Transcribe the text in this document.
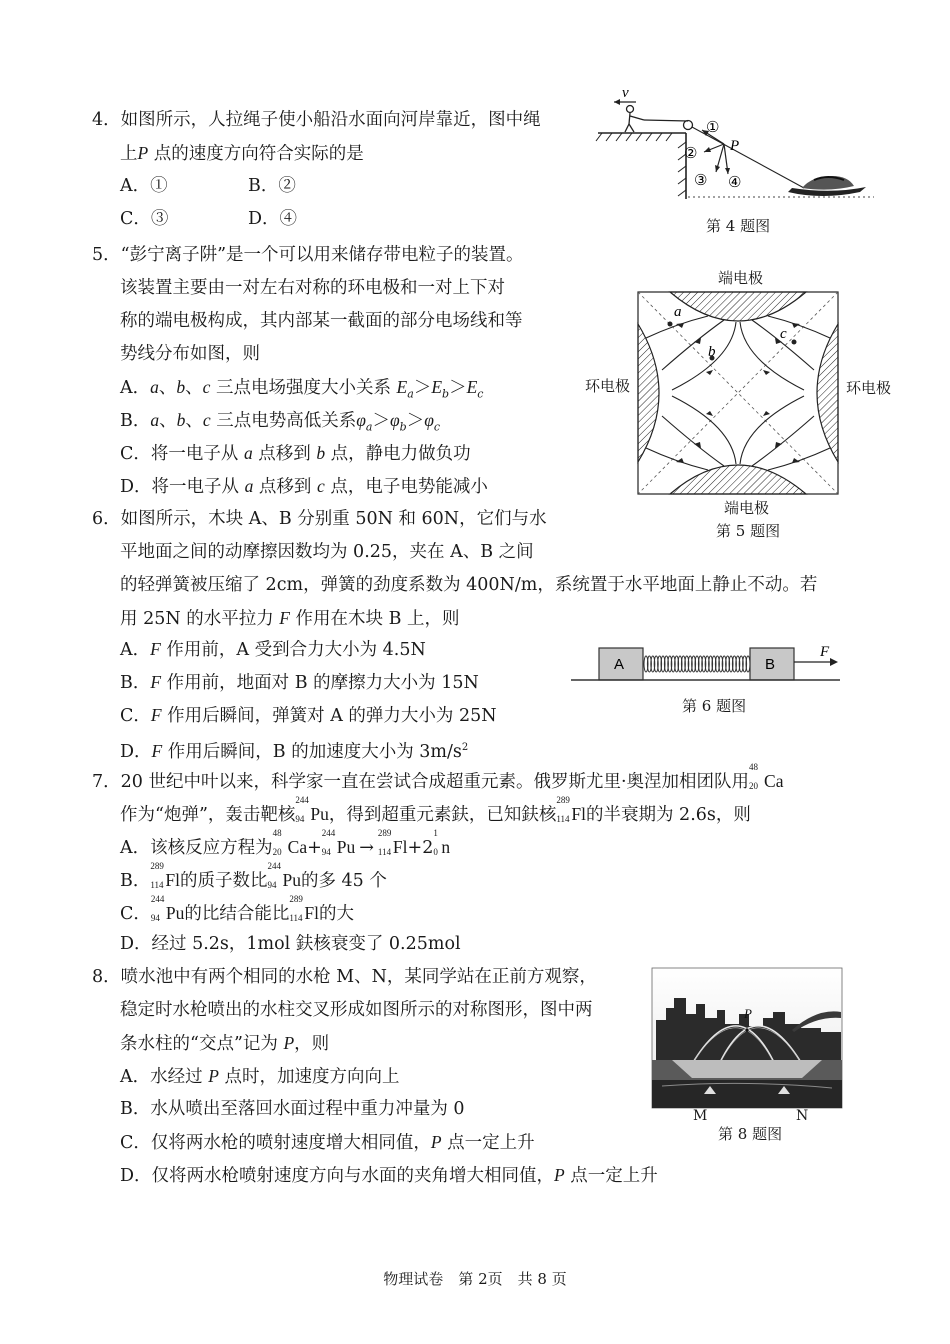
4．如图所示，人拉绳子使小船沿水面向河岸靠近，图中绳
上P 点的速度方向符合实际的是
A．①	B．②
C．③	D．④
v
P
①
②
③ ④
第 4 题图
5．“彭宁离子阱”是一个可以用来储存带电粒子的装置。
该装置主要由一对左右对称的环电极和一对上下对
称的端电极构成，其内部某一截面的部分电场线和等
势线分布如图，则
A．a、b、c 三点电场强度大小关系 $E_a>E_b>E_c$
B．a、b、c 三点电势高低关系$\varphi_a>\varphi_b>\varphi_c$
C．将一电子从 a 点移到 b 点，静电力做负功
D．将一电子从 a 点移到 c 点，电子电势能减小
端电极
环电极	环电极
端电极
第 5 题图
a
b
c
6．如图所示，木块 A、B 分别重 50N 和 60N，它们与水
平地面之间的动摩擦因数均为 0.25，夹在 A、B 之间
的轻弹簧被压缩了 2cm，弹簧的劲度系数为 400N/m，系统置于水平地面上静止不动。若
用 25N 的水平拉力 F 作用在木块 B 上，则
A．F 作用前，A 受到合力大小为 4.5N
B．F 作用前，地面对 B 的摩擦力大小为 15N
C．F 作用后瞬间，弹簧对 A 的弹力大小为 25N
D．F 作用后瞬间，B 的加速度大小为 $3m/s^2$
A	B
F
第 6 题图
7．20 世纪中叶以来，科学家一直在尝试合成超重元素。俄罗斯尤里·奥涅加相团队用
48
20 Ca
作为“炮弹”，轰击靶核
244
94 Pu，得到超重元素鈇，已知鈇核
289
114 Fl的半衰期为 2.6s，则
A．该核反应方程为
48
20 Ca+
244
94 Pu →
289
114 Fl+2
1
0 n
B．
289
114 Fl的质子数比
244
94 Pu的多 45 个
C．
244
94 Pu的比结合能比
289
114 Fl的大
D．经过 5.2s，1mol 鈇核衰变了 0.25mol
8．喷水池中有两个相同的水枪 M、N，某同学站在正前方观察，
稳定时水枪喷出的水柱交叉形成如图所示的对称图形，图中两
条水柱的“交点”记为 P，则
A．水经过 P 点时，加速度方向向上
B．水从喷出至落回水面过程中重力冲量为 0
C．仅将两水枪的喷射速度增大相同值，P 点一定上升
D．仅将两水枪喷射速度方向与水面的夹角增大相同值，P 点一定上升
P
M	N
第 8 题图
物理试卷　第 2页　共 8 页
